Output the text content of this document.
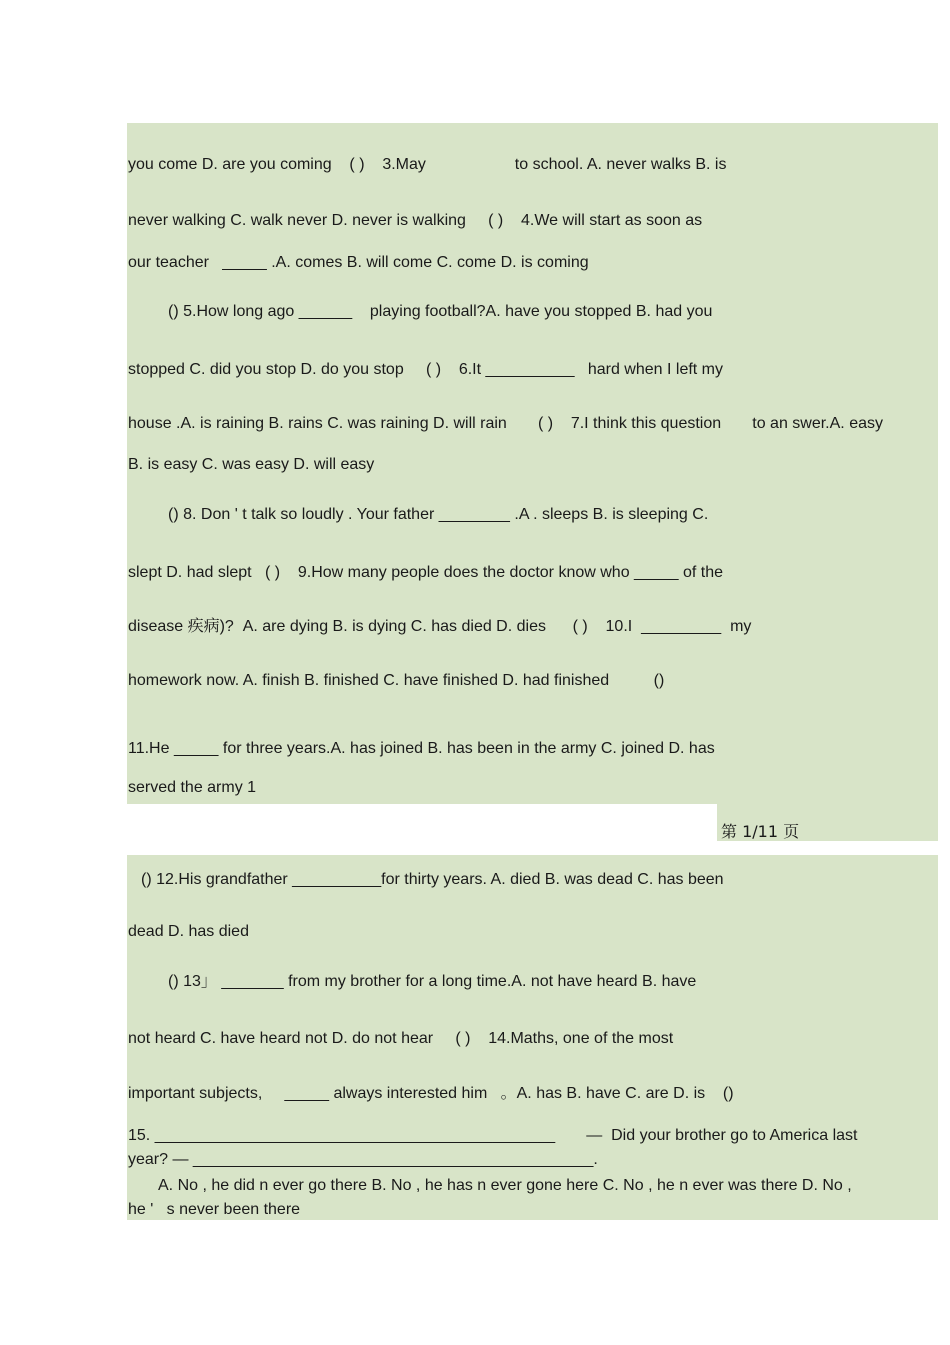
you come D. are you coming    ( )    3.May                    to school. A. never walks B. is
never walking C. walk never D. never is walking     ( )    4.We will start as soon as
our teacher   _____ .A. comes B. will come C. come D. is coming
() 5.How long ago ______    playing football?A. have you stopped B. had you
stopped C. did you stop D. do you stop     ( )    6.It __________   hard when I left my
house .A. is raining B. rains C. was raining D. will rain       ( )    7.I think this question       to an swer.A. easy
B. is easy C. was easy D. will easy
() 8. Don ' t talk so loudly . Your father ________ .A . sleeps B. is sleeping C.
slept D. had slept   ( )    9.How many people does the doctor know who _____ of the
disease 疾病)?  A. are dying B. is dying C. has died D. dies      ( )    10.I  _________  my
homework now. A. finish B. finished C. have finished D. had finished          ()
11.He _____ for three years.A. has joined B. has been in the army C. joined D. has
served the army 1
第 1/11 页
() 12.His grandfather __________for thirty years. A. died B. was dead C. has been
dead D. has died
() 13」 _______ from my brother for a long time.A. not have heard B. have
not heard C. have heard not D. do not hear     ( )    14.Maths, one of the most
important subjects,     _____ always interested him   。A. has B. have C. are D. is    ()
15. _____________________________________________       —  Did your brother go to America last
year? — _____________________________________________.
A. No , he did n ever go there B. No , he has n ever gone here C. No , he n ever was there D. No ,
he '   s never been there
